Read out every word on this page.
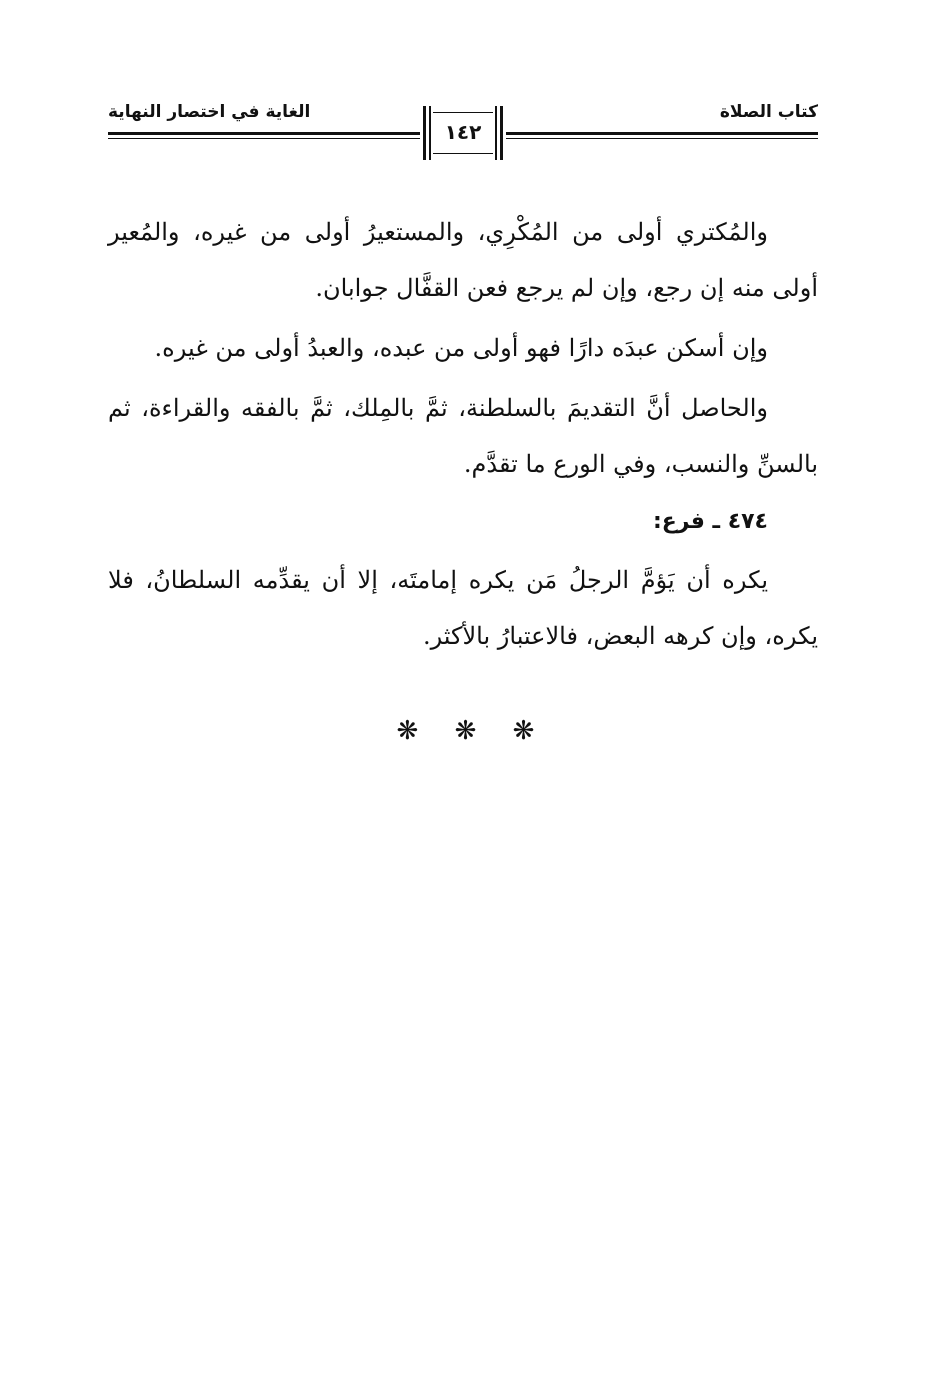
الغاية في اختصار النهاية	كتاب الصلاة
١٤٢

والمُكتري أولى من المُكْرِي، والمستعيرُ أولى من غيره، والمُعير أولى منه إن رجع، وإن لم يرجع فعن القفَّال جوابان.

وإن أسكن عبدَه دارًا فهو أولى من عبده، والعبدُ أولى من غيره.

والحاصل أنَّ التقديمَ بالسلطنة، ثمَّ بالمِلك، ثمَّ بالفقه والقراءة، ثم بالسنِّ والنسب، وفي الورع ما تقدَّم.

٤٧٤ ـ فرع:

يكره أن يَؤمَّ الرجلُ مَن يكره إمامتَه، إلا أن يقدِّمه السلطانُ، فلا يكره، وإن كرهه البعض، فالاعتبارُ بالأكثر.

❋ ❋ ❋
